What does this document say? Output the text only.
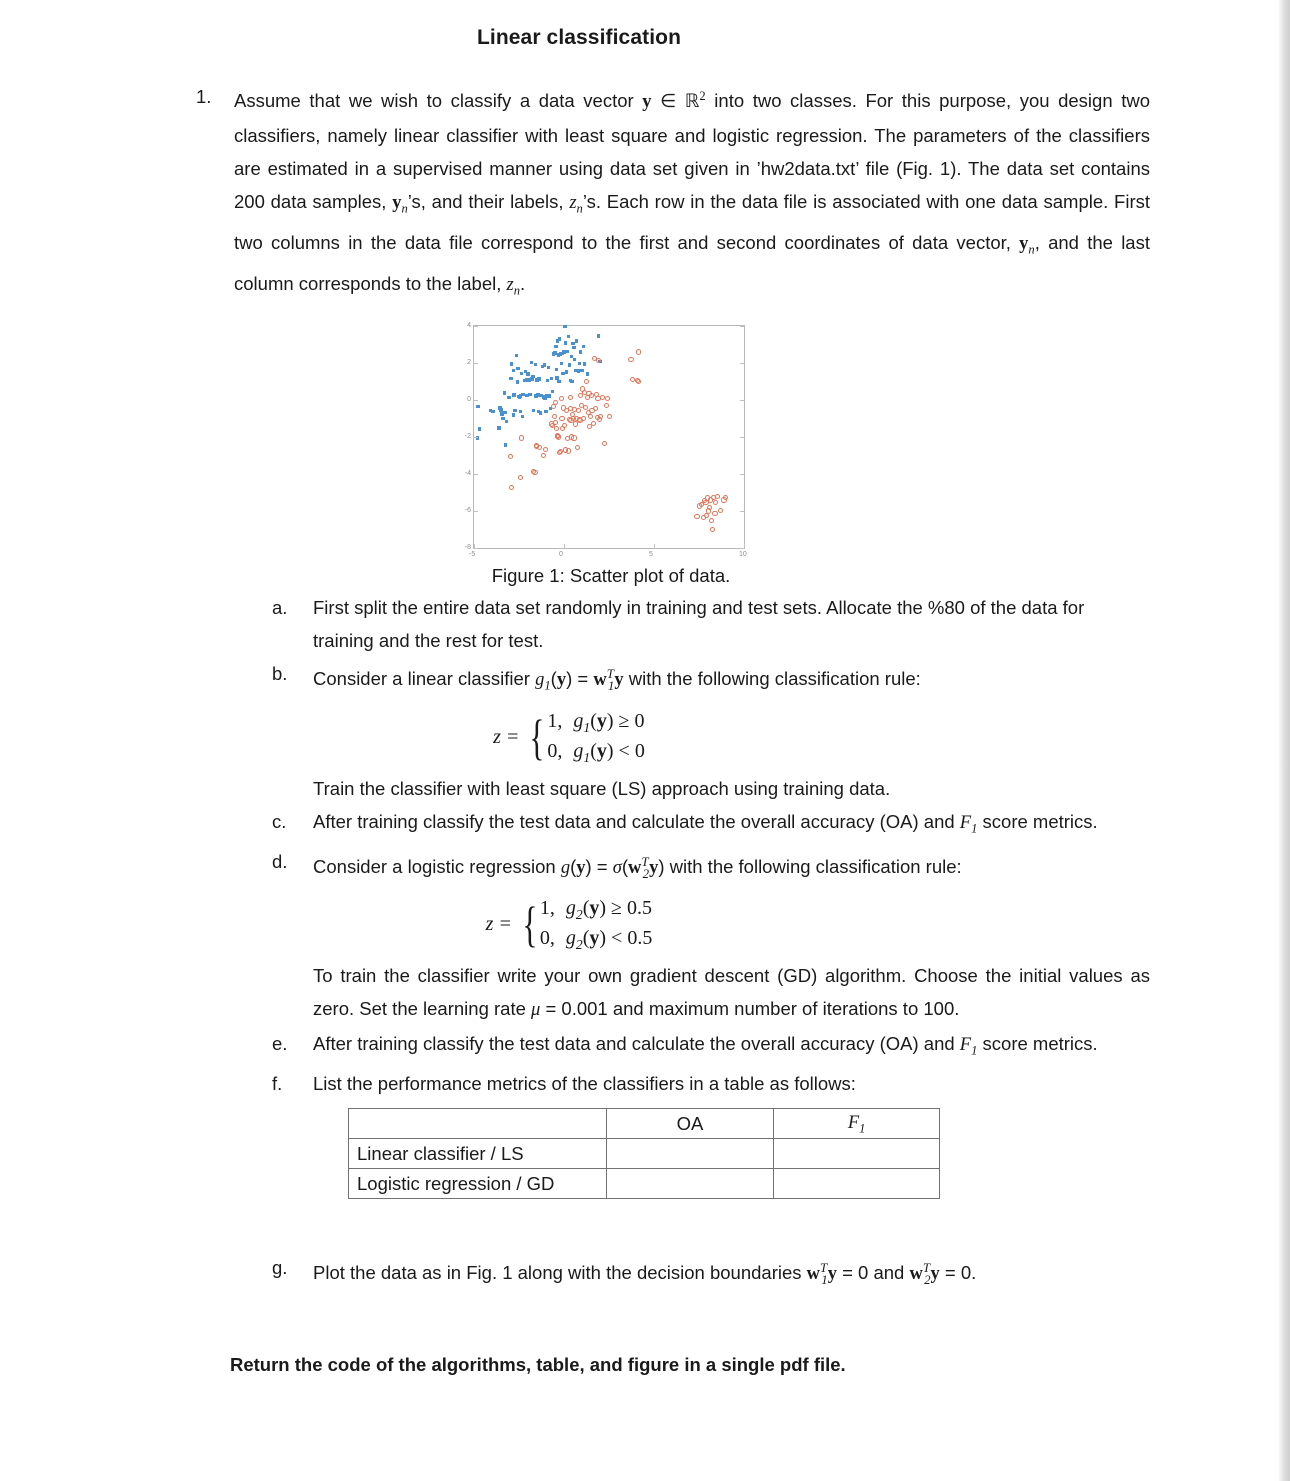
Linear classification
1.	Assume that we wish to classify a data vector y ∈ ℝ$^2$ into two classes. For this purpose, you design two classifiers, namely linear classifier with least square and logistic regression. The parameters of the classifiers are estimated in a supervised manner using data set given in ’hw2data.txt’ file (Fig. 1). The data set contains 200 data samples, $y_n’s$, and their labels, $z_n’s$. Each row in the data file is associated with one data sample. First two columns in the data file correspond to the first and second coordinates of data vector, $y_n$, and the last column corresponds to the label, $z_n$.
-5	0	5	10
4
2
0
-2
-4
-6
-8
Figure 1: Scatter plot of data.
a.	First split the entire data set randomly in training and test sets. Allocate the %80 of the data for training and the rest for test.
b.	Consider a linear classifier $g_1(y) = w^T_1y$ with the following classification rule:
z = { 1, $g_1(y) \ge 0$
0, $g_1(y) < 0$
Train the classifier with least square (LS) approach using training data.
c.	After training classify the test data and calculate the overall accuracy (OA) and $F_1$ score metrics.
d.	Consider a logistic regression $g(y) = \sigma(w^T_2y)$ with the following classification rule:
z = { 1, $g_2(y) \ge 0.5$
0, $g_2(y) < 0.5$
To train the classifier write your own gradient descent (GD) algorithm. Choose the initial values as zero. Set the learning rate μ = 0.001 and maximum number of iterations to 100.
e.	After training classify the test data and calculate the overall accuracy (OA) and $F_1$ score metrics.
f.	List the performance metrics of the classifiers in a table as follows:
	OA	$F_1$
Linear classifier / LS		
Logistic regression / GD		
g.	Plot the data as in Fig. 1 along with the decision boundaries $w^T_1y = 0$ and $w^T_2y = 0$.
Return the code of the algorithms, table, and figure in a single pdf file.
